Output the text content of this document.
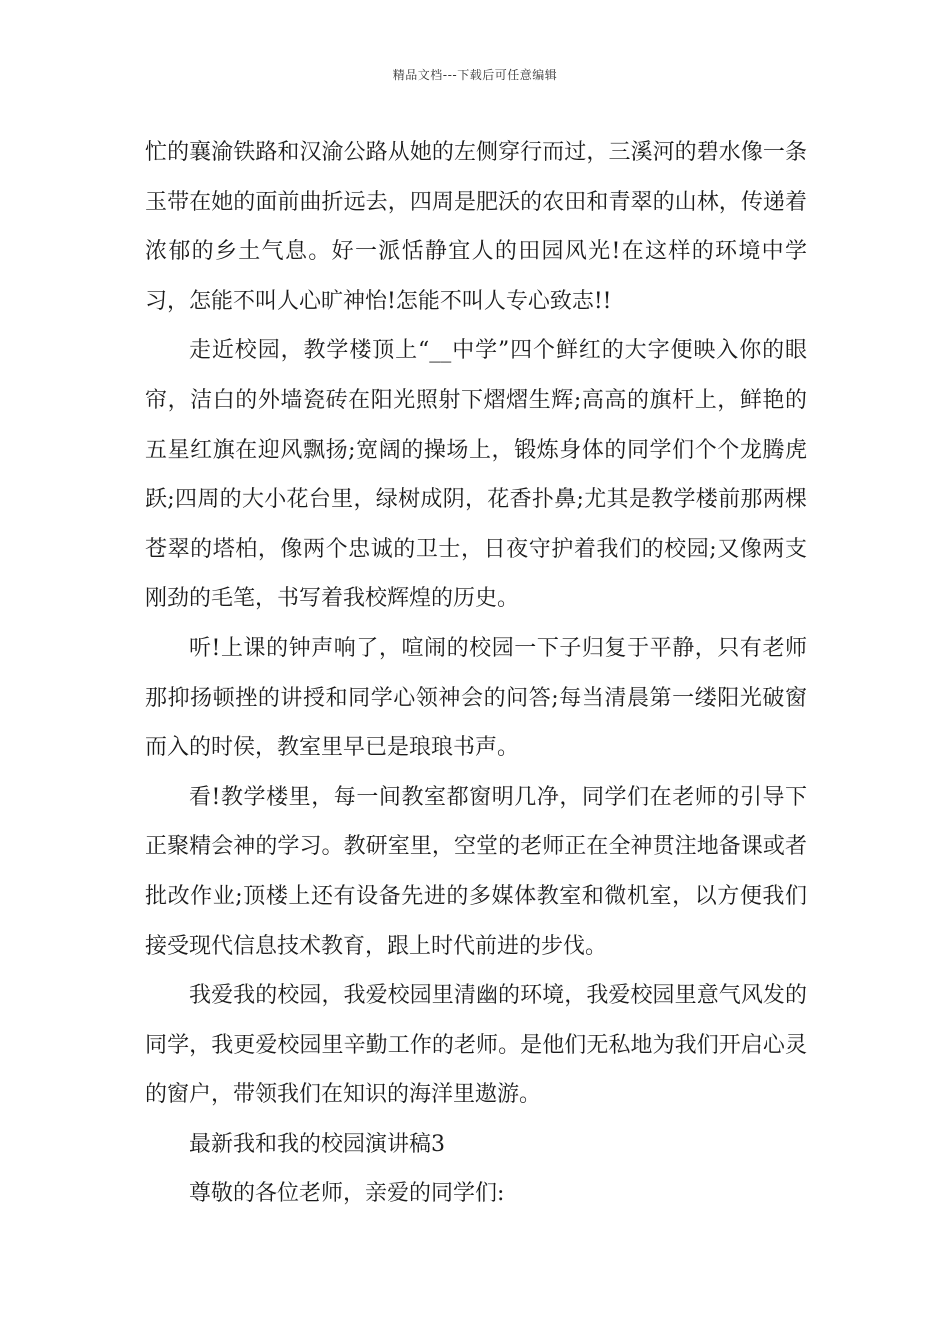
精品文档---下载后可任意编辑

忙的襄渝铁路和汉渝公路从她的左侧穿行而过，三溪河的碧水像一条玉带在她的面前曲折远去，四周是肥沃的农田和青翠的山林，传递着浓郁的乡土气息。好一派恬静宜人的田园风光!在这样的环境中学习，怎能不叫人心旷神怡!怎能不叫人专心致志!!

走近校园，教学楼顶上“__中学”四个鲜红的大字便映入你的眼帘，洁白的外墙瓷砖在阳光照射下熠熠生辉;高高的旗杆上，鲜艳的五星红旗在迎风飘扬;宽阔的操场上，锻炼身体的同学们个个龙腾虎跃;四周的大小花台里，绿树成阴，花香扑鼻;尤其是教学楼前那两棵苍翠的塔柏，像两个忠诚的卫士，日夜守护着我们的校园;又像两支刚劲的毛笔，书写着我校辉煌的历史。

听!上课的钟声响了，喧闹的校园一下子归复于平静，只有老师那抑扬顿挫的讲授和同学心领神会的问答;每当清晨第一缕阳光破窗而入的时侯，教室里早已是琅琅书声。

看!教学楼里，每一间教室都窗明几净，同学们在老师的引导下正聚精会神的学习。教研室里，空堂的老师正在全神贯注地备课或者批改作业;顶楼上还有设备先进的多媒体教室和微机室，以方便我们接受现代信息技术教育，跟上时代前进的步伐。

我爱我的校园，我爱校园里清幽的环境，我爱校园里意气风发的同学，我更爱校园里辛勤工作的老师。是他们无私地为我们开启心灵的窗户，带领我们在知识的海洋里遨游。

最新我和我的校园演讲稿3

尊敬的各位老师，亲爱的同学们:
